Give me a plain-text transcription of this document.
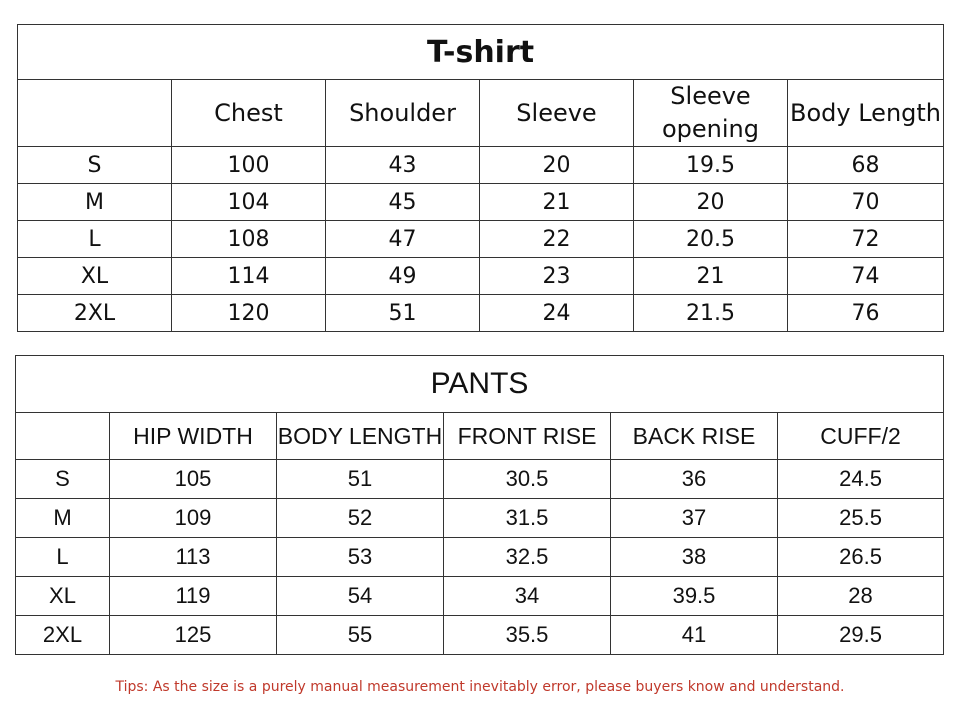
T-shirt					
	Chest	Shoulder	Sleeve	Sleeve opening	Body Length
S	100	43	20	19.5	68
M	104	45	21	20	70
L	108	47	22	20.5	72
XL	114	49	23	21	74
2XL	120	51	24	21.5	76
PANTS					
	HIP WIDTH	BODY LENGTH	FRONT RISE	BACK RISE	CUFF/2
S	105	51	30.5	36	24.5
M	109	52	31.5	37	25.5
L	113	53	32.5	38	26.5
XL	119	54	34	39.5	28
2XL	125	55	35.5	41	29.5
Tips: As the size is a purely manual measurement inevitably error, please buyers know and understand.
